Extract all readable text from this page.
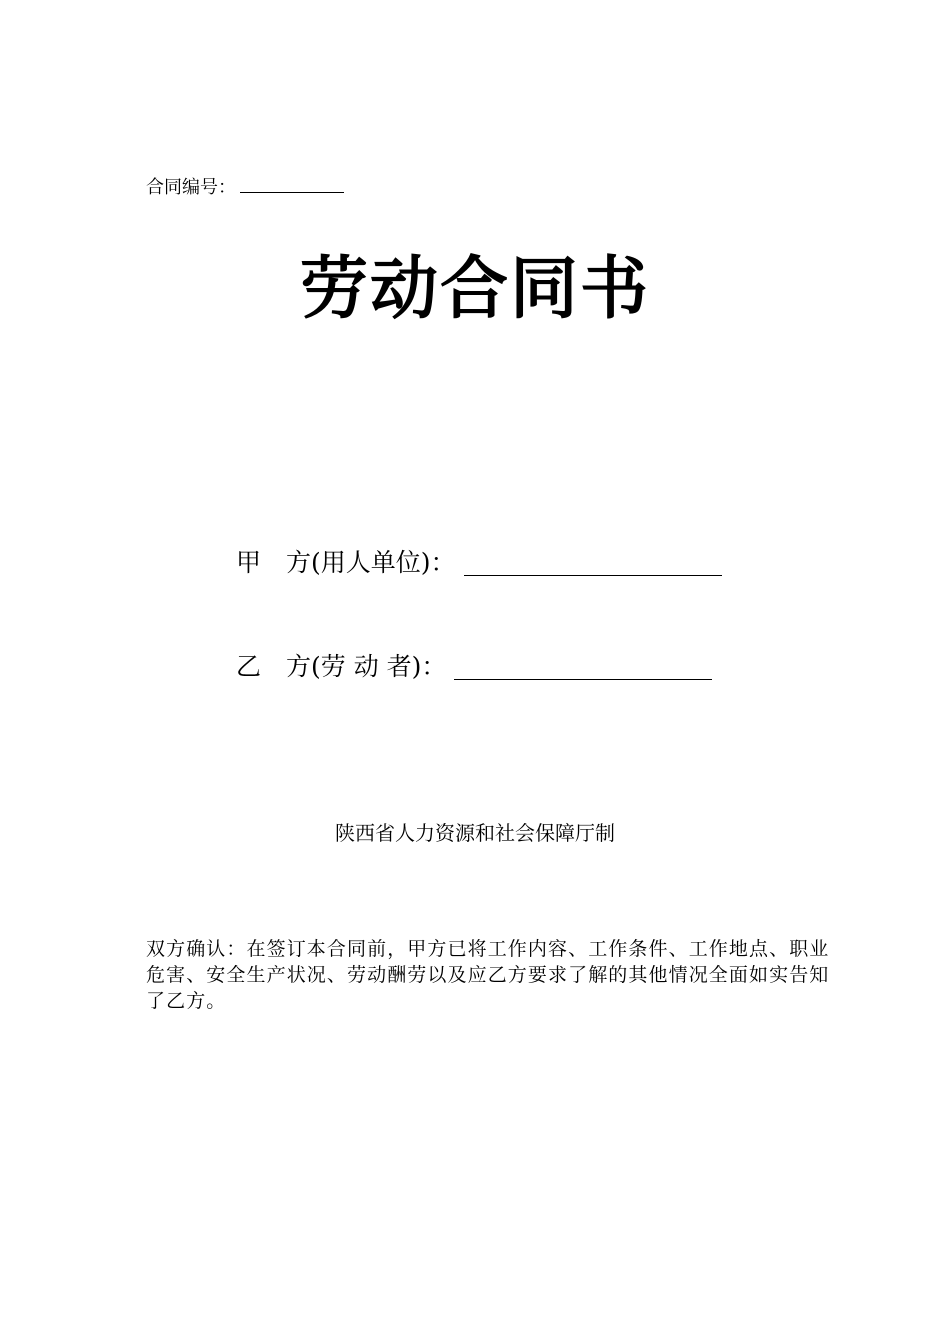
合同编号：
劳动合同书
甲　方(用人单位)：
乙　方(劳 动 者)：
陕西省人力资源和社会保障厅制
双方确认：在签订本合同前，甲方已将工作内容、工作条件、工作地点、职业危害、安全生产状况、劳动酬劳以及应乙方要求了解的其他情况全面如实告知了乙方。
